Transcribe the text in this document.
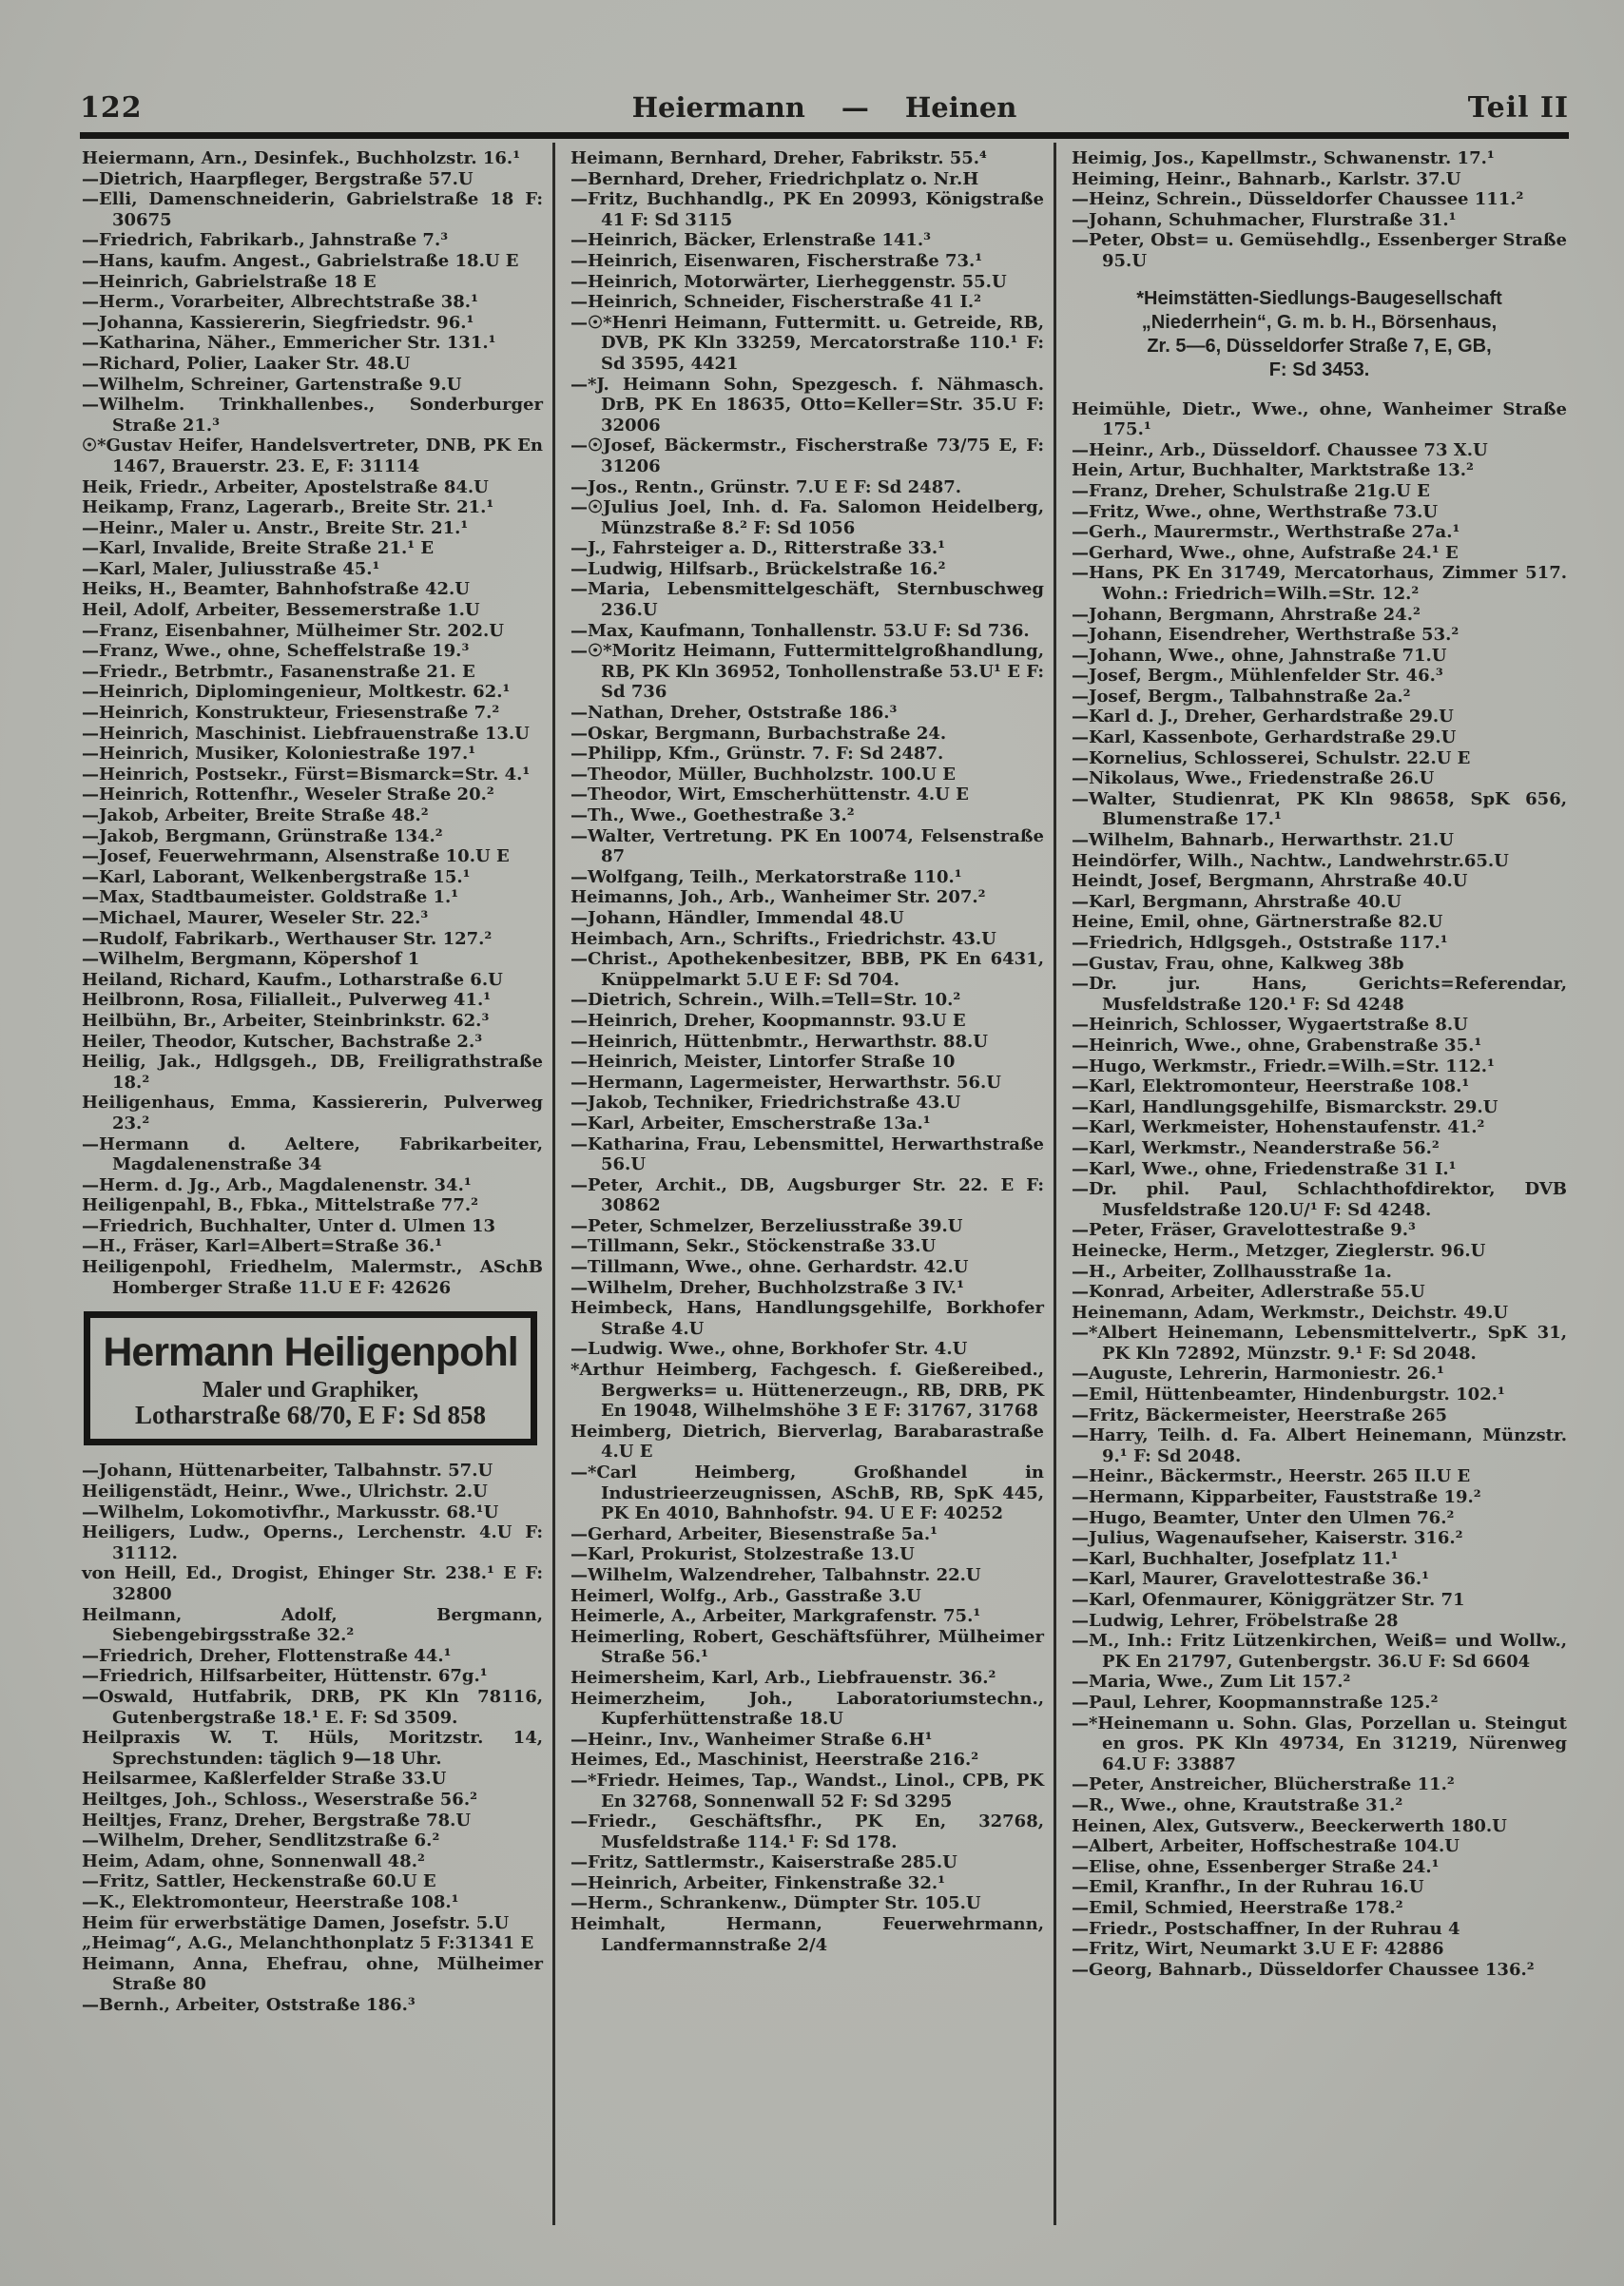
122	Heiermann — Heinen	Teil II

Heiermann, Arn., Desinfek., Buchholzstr. 16.¹

—Dietrich, Haarpfleger, Bergstraße 57.U

—Elli, Damenschneiderin, Gabrielstraße 18 F: 30675

—Friedrich, Fabrikarb., Jahnstraße 7.³

—Hans, kaufm. Angest., Gabrielstraße 18.U E

—Heinrich, Gabrielstraße 18 E

—Herm., Vorarbeiter, Albrechtstraße 38.¹

—Johanna, Kassiererin, Siegfriedstr. 96.¹

—Katharina, Näher., Emmericher Str. 131.¹

—Richard, Polier, Laaker Str. 48.U

—Wilhelm, Schreiner, Gartenstraße 9.U

—Wilhelm. Trinkhallenbes., Sonderburger Straße 21.³

☉*Gustav Heifer, Handelsvertreter, DNB, PK En 1467, Brauerstr. 23. E, F: 31114

Heik, Friedr., Arbeiter, Apostelstraße 84.U

Heikamp, Franz, Lagerarb., Breite Str. 21.¹

—Heinr., Maler u. Anstr., Breite Str. 21.¹

—Karl, Invalide, Breite Straße 21.¹ E

—Karl, Maler, Juliusstraße 45.¹

Heiks, H., Beamter, Bahnhofstraße 42.U

Heil, Adolf, Arbeiter, Bessemerstraße 1.U

—Franz, Eisenbahner, Mülheimer Str. 202.U

—Franz, Wwe., ohne, Scheffelstraße 19.³

—Friedr., Betrbmtr., Fasanenstraße 21. E

—Heinrich, Diplomingenieur, Moltkestr. 62.¹

—Heinrich, Konstrukteur, Friesenstraße 7.²

—Heinrich, Maschinist. Liebfrauenstraße 13.U

—Heinrich, Musiker, Koloniestraße 197.¹

—Heinrich, Postsekr., Fürst=Bismarck=Str. 4.¹

—Heinrich, Rottenfhr., Weseler Straße 20.²

—Jakob, Arbeiter, Breite Straße 48.²

—Jakob, Bergmann, Grünstraße 134.²

—Josef, Feuerwehrmann, Alsenstraße 10.U E

—Karl, Laborant, Welkenbergstraße 15.¹

—Max, Stadtbaumeister. Goldstraße 1.¹

—Michael, Maurer, Weseler Str. 22.³

—Rudolf, Fabrikarb., Werthauser Str. 127.²

—Wilhelm, Bergmann, Köpershof 1

Heiland, Richard, Kaufm., Lotharstraße 6.U

Heilbronn, Rosa, Filialleit., Pulverweg 41.¹

Heilbühn, Br., Arbeiter, Steinbrinkstr. 62.³

Heiler, Theodor, Kutscher, Bachstraße 2.³

Heilig, Jak., Hdlgsgeh., DB, Freiligrathstraße 18.²

Heiligenhaus, Emma, Kassiererin, Pulverweg 23.²

—Hermann d. Aeltere, Fabrikarbeiter, Magdalenenstraße 34

—Herm. d. Jg., Arb., Magdalenenstr. 34.¹

Heiligenpahl, B., Fbka., Mittelstraße 77.²

—Friedrich, Buchhalter, Unter d. Ulmen 13

—H., Fräser, Karl=Albert=Straße 36.¹

Heiligenpohl, Friedhelm, Malermstr., ASchB Homberger Straße 11.U E F: 42626

Hermann Heiligenpohl

Maler und Graphiker,

Lotharstraße 68/70, E F: Sd 858

—Johann, Hüttenarbeiter, Talbahnstr. 57.U

Heiligenstädt, Heinr., Wwe., Ulrichstr. 2.U

—Wilhelm, Lokomotivfhr., Markusstr. 68.¹U

Heiligers, Ludw., Operns., Lerchenstr. 4.U F: 31112.

von Heill, Ed., Drogist, Ehinger Str. 238.¹ E F: 32800

Heilmann, Adolf, Bergmann, Siebengebirgsstraße 32.²

—Friedrich, Dreher, Flottenstraße 44.¹

—Friedrich, Hilfsarbeiter, Hüttenstr. 67g.¹

—Oswald, Hutfabrik, DRB, PK Kln 78116, Gutenbergstraße 18.¹ E. F: Sd 3509.

Heilpraxis W. T. Hüls, Moritzstr. 14, Sprechstunden: täglich 9—18 Uhr.

Heilsarmee, Kaßlerfelder Straße 33.U

Heiltges, Joh., Schloss., Weserstraße 56.²

Heiltjes, Franz, Dreher, Bergstraße 78.U

—Wilhelm, Dreher, Sendlitzstraße 6.²

Heim, Adam, ohne, Sonnenwall 48.²

—Fritz, Sattler, Heckenstraße 60.U E

—K., Elektromonteur, Heerstraße 108.¹

Heim für erwerbstätige Damen, Josefstr. 5.U

„Heimag“, A.G., Melanchthonplatz 5 F:31341 E

Heimann, Anna, Ehefrau, ohne, Mülheimer Straße 80

—Bernh., Arbeiter, Oststraße 186.³

Heimann, Bernhard, Dreher, Fabrikstr. 55.⁴

—Bernhard, Dreher, Friedrichplatz o. Nr.H

—Fritz, Buchhandlg., PK En 20993, Königstraße 41 F: Sd 3115

—Heinrich, Bäcker, Erlenstraße 141.³

—Heinrich, Eisenwaren, Fischerstraße 73.¹

—Heinrich, Motorwärter, Lierheggenstr. 55.U

—Heinrich, Schneider, Fischerstraße 41 I.²

—☉*Henri Heimann, Futtermitt. u. Getreide, RB, DVB, PK Kln 33259, Mercatorstraße 110.¹ F: Sd 3595, 4421

—*J. Heimann Sohn, Spezgesch. f. Nähmasch. DrB, PK En 18635, Otto=Keller=Str. 35.U F: 32006

—☉Josef, Bäckermstr., Fischerstraße 73/75 E, F: 31206

—Jos., Rentn., Grünstr. 7.U E F: Sd 2487.

—☉Julius Joel, Inh. d. Fa. Salomon Heidelberg, Münzstraße 8.² F: Sd 1056

—J., Fahrsteiger a. D., Ritterstraße 33.¹

—Ludwig, Hilfsarb., Brückelstraße 16.²

—Maria, Lebensmittelgeschäft, Sternbuschweg 236.U

—Max, Kaufmann, Tonhallenstr. 53.U F: Sd 736.

—☉*Moritz Heimann, Futtermittelgroßhandlung, RB, PK Kln 36952, Tonhollenstraße 53.U¹ E F: Sd 736

—Nathan, Dreher, Oststraße 186.³

—Oskar, Bergmann, Burbachstraße 24.

—Philipp, Kfm., Grünstr. 7. F: Sd 2487.

—Theodor, Müller, Buchholzstr. 100.U E

—Theodor, Wirt, Emscherhüttenstr. 4.U E

—Th., Wwe., Goethestraße 3.²

—Walter, Vertretung. PK En 10074, Felsenstraße 87

—Wolfgang, Teilh., Merkatorstraße 110.¹

Heimanns, Joh., Arb., Wanheimer Str. 207.²

—Johann, Händler, Immendal 48.U

Heimbach, Arn., Schrifts., Friedrichstr. 43.U

—Christ., Apothekenbesitzer, BBB, PK En 6431, Knüppelmarkt 5.U E F: Sd 704.

—Dietrich, Schrein., Wilh.=Tell=Str. 10.²

—Heinrich, Dreher, Koopmannstr. 93.U E

—Heinrich, Hüttenbmtr., Herwarthstr. 88.U

—Heinrich, Meister, Lintorfer Straße 10

—Hermann, Lagermeister, Herwarthstr. 56.U

—Jakob, Techniker, Friedrichstraße 43.U

—Karl, Arbeiter, Emscherstraße 13a.¹

—Katharina, Frau, Lebensmittel, Herwarthstraße 56.U

—Peter, Archit., DB, Augsburger Str. 22. E F: 30862

—Peter, Schmelzer, Berzeliusstraße 39.U

—Tillmann, Sekr., Stöckenstraße 33.U

—Tillmann, Wwe., ohne. Gerhardstr. 42.U

—Wilhelm, Dreher, Buchholzstraße 3 IV.¹

Heimbeck, Hans, Handlungsgehilfe, Borkhofer Straße 4.U

—Ludwig. Wwe., ohne, Borkhofer Str. 4.U

*Arthur Heimberg, Fachgesch. f. Gießereibed., Bergwerks= u. Hüttenerzeugn., RB, DRB, PK En 19048, Wilhelmshöhe 3 E F: 31767, 31768

Heimberg, Dietrich, Bierverlag, Barabarastraße 4.U E

—*Carl Heimberg, Großhandel in Industrieerzeugnissen, ASchB, RB, SpK 445, PK En 4010, Bahnhofstr. 94. U E F: 40252

—Gerhard, Arbeiter, Biesenstraße 5a.¹

—Karl, Prokurist, Stolzestraße 13.U

—Wilhelm, Walzendreher, Talbahnstr. 22.U

Heimerl, Wolfg., Arb., Gasstraße 3.U

Heimerle, A., Arbeiter, Markgrafenstr. 75.¹

Heimerling, Robert, Geschäftsführer, Mülheimer Straße 56.¹

Heimersheim, Karl, Arb., Liebfrauenstr. 36.²

Heimerzheim, Joh., Laboratoriumstechn., Kupferhüttenstraße 18.U

—Heinr., Inv., Wanheimer Straße 6.H¹

Heimes, Ed., Maschinist, Heerstraße 216.²

—*Friedr. Heimes, Tap., Wandst., Linol., CPB, PK En 32768, Sonnenwall 52 F: Sd 3295

—Friedr., Geschäftsfhr., PK En, 32768, Musfeldstraße 114.¹ F: Sd 178.

—Fritz, Sattlermstr., Kaiserstraße 285.U

—Heinrich, Arbeiter, Finkenstraße 32.¹

—Herm., Schrankenw., Dümpter Str. 105.U

Heimhalt, Hermann, Feuerwehrmann, Landfermannstraße 2/4

Heimig, Jos., Kapellmstr., Schwanenstr. 17.¹

Heiming, Heinr., Bahnarb., Karlstr. 37.U

—Heinz, Schrein., Düsseldorfer Chaussee 111.²

—Johann, Schuhmacher, Flurstraße 31.¹

—Peter, Obst= u. Gemüsehdlg., Essenberger Straße 95.U

*Heimstätten-Siedlungs-Baugesellschaft

„Niederrhein“, G. m. b. H., Börsenhaus,

Zr. 5—6, Düsseldorfer Straße 7, E, GB,

F: Sd 3453.

Heimühle, Dietr., Wwe., ohne, Wanheimer Straße 175.¹

—Heinr., Arb., Düsseldorf. Chaussee 73 X.U

Hein, Artur, Buchhalter, Marktstraße 13.²

—Franz, Dreher, Schulstraße 21g.U E

—Fritz, Wwe., ohne, Werthstraße 73.U

—Gerh., Maurermstr., Werthstraße 27a.¹

—Gerhard, Wwe., ohne, Aufstraße 24.¹ E

—Hans, PK En 31749, Mercatorhaus, Zimmer 517. Wohn.: Friedrich=Wilh.=Str. 12.²

—Johann, Bergmann, Ahrstraße 24.²

—Johann, Eisendreher, Werthstraße 53.²

—Johann, Wwe., ohne, Jahnstraße 71.U

—Josef, Bergm., Mühlenfelder Str. 46.³

—Josef, Bergm., Talbahnstraße 2a.²

—Karl d. J., Dreher, Gerhardstraße 29.U

—Karl, Kassenbote, Gerhardstraße 29.U

—Kornelius, Schlosserei, Schulstr. 22.U E

—Nikolaus, Wwe., Friedenstraße 26.U

—Walter, Studienrat, PK Kln 98658, SpK 656, Blumenstraße 17.¹

—Wilhelm, Bahnarb., Herwarthstr. 21.U

Heindörfer, Wilh., Nachtw., Landwehrstr.65.U

Heindt, Josef, Bergmann, Ahrstraße 40.U

—Karl, Bergmann, Ahrstraße 40.U

Heine, Emil, ohne, Gärtnerstraße 82.U

—Friedrich, Hdlgsgeh., Oststraße 117.¹

—Gustav, Frau, ohne, Kalkweg 38b

—Dr. jur. Hans, Gerichts=Referendar, Musfeldstraße 120.¹ F: Sd 4248

—Heinrich, Schlosser, Wygaertstraße 8.U

—Heinrich, Wwe., ohne, Grabenstraße 35.¹

—Hugo, Werkmstr., Friedr.=Wilh.=Str. 112.¹

—Karl, Elektromonteur, Heerstraße 108.¹

—Karl, Handlungsgehilfe, Bismarckstr. 29.U

—Karl, Werkmeister, Hohenstaufenstr. 41.²

—Karl, Werkmstr., Neanderstraße 56.²

—Karl, Wwe., ohne, Friedenstraße 31 I.¹

—Dr. phil. Paul, Schlachthofdirektor, DVB Musfeldstraße 120.U/¹ F: Sd 4248.

—Peter, Fräser, Gravelottestraße 9.³

Heinecke, Herm., Metzger, Zieglerstr. 96.U

—H., Arbeiter, Zollhausstraße 1a.

—Konrad, Arbeiter, Adlerstraße 55.U

Heinemann, Adam, Werkmstr., Deichstr. 49.U

—*Albert Heinemann, Lebensmittelvertr., SpK 31, PK Kln 72892, Münzstr. 9.¹ F: Sd 2048.

—Auguste, Lehrerin, Harmoniestr. 26.¹

—Emil, Hüttenbeamter, Hindenburgstr. 102.¹

—Fritz, Bäckermeister, Heerstraße 265

—Harry, Teilh. d. Fa. Albert Heinemann, Münzstr. 9.¹ F: Sd 2048.

—Heinr., Bäckermstr., Heerstr. 265 II.U E

—Hermann, Kipparbeiter, Fauststraße 19.²

—Hugo, Beamter, Unter den Ulmen 76.²

—Julius, Wagenaufseher, Kaiserstr. 316.²

—Karl, Buchhalter, Josefplatz 11.¹

—Karl, Maurer, Gravelottestraße 36.¹

—Karl, Ofenmaurer, Königgrätzer Str. 71

—Ludwig, Lehrer, Fröbelstraße 28

—M., Inh.: Fritz Lützenkirchen, Weiß= und Wollw., PK En 21797, Gutenbergstr. 36.U F: Sd 6604

—Maria, Wwe., Zum Lit 157.²

—Paul, Lehrer, Koopmannstraße 125.²

—*Heinemann u. Sohn. Glas, Porzellan u. Steingut en gros. PK Kln 49734, En 31219, Nürenweg 64.U F: 33887

—Peter, Anstreicher, Blücherstraße 11.²

—R., Wwe., ohne, Krautstraße 31.²

Heinen, Alex, Gutsverw., Beeckerwerth 180.U

—Albert, Arbeiter, Hoffschestraße 104.U

—Elise, ohne, Essenberger Straße 24.¹

—Emil, Kranfhr., In der Ruhrau 16.U

—Emil, Schmied, Heerstraße 178.²

—Friedr., Postschaffner, In der Ruhrau 4

—Fritz, Wirt, Neumarkt 3.U E F: 42886

—Georg, Bahnarb., Düsseldorfer Chaussee 136.²
